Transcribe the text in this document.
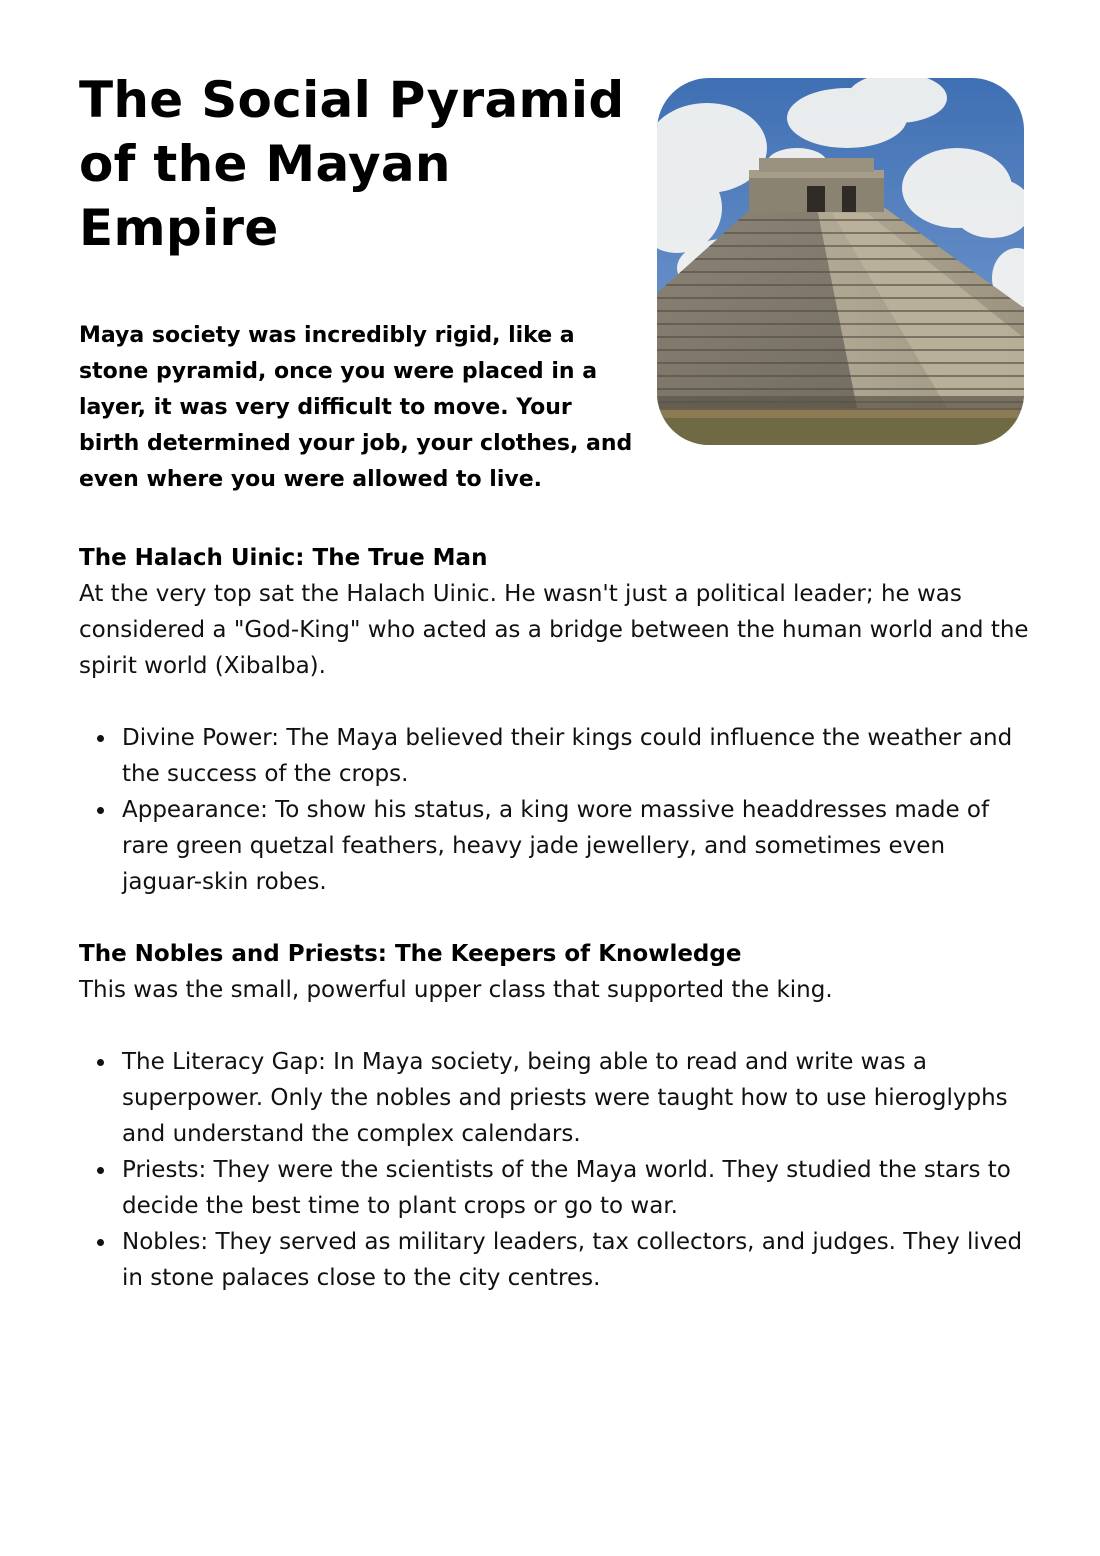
The Social Pyramid of the Mayan Empire

Maya society was incredibly rigid, like a stone pyramid, once you were placed in a layer, it was very difficult to move. Your birth determined your job, your clothes, and even where you were allowed to live.

The Halach Uinic: The True Man

At the very top sat the Halach Uinic. He wasn't just a political leader; he was considered a "God-King" who acted as a bridge between the human world and the spirit world (Xibalba).

Divine Power: The Maya believed their kings could influence the weather and the success of the crops.
Appearance: To show his status, a king wore massive headdresses made of rare green quetzal feathers, heavy jade jewellery, and sometimes even jaguar-skin robes.
The Nobles and Priests: The Keepers of Knowledge

This was the small, powerful upper class that supported the king.

The Literacy Gap: In Maya society, being able to read and write was a superpower. Only the nobles and priests were taught how to use hieroglyphs and understand the complex calendars.
Priests: They were the scientists of the Maya world. They studied the stars to decide the best time to plant crops or go to war.
Nobles: They served as military leaders, tax collectors, and judges. They lived in stone palaces close to the city centres.
